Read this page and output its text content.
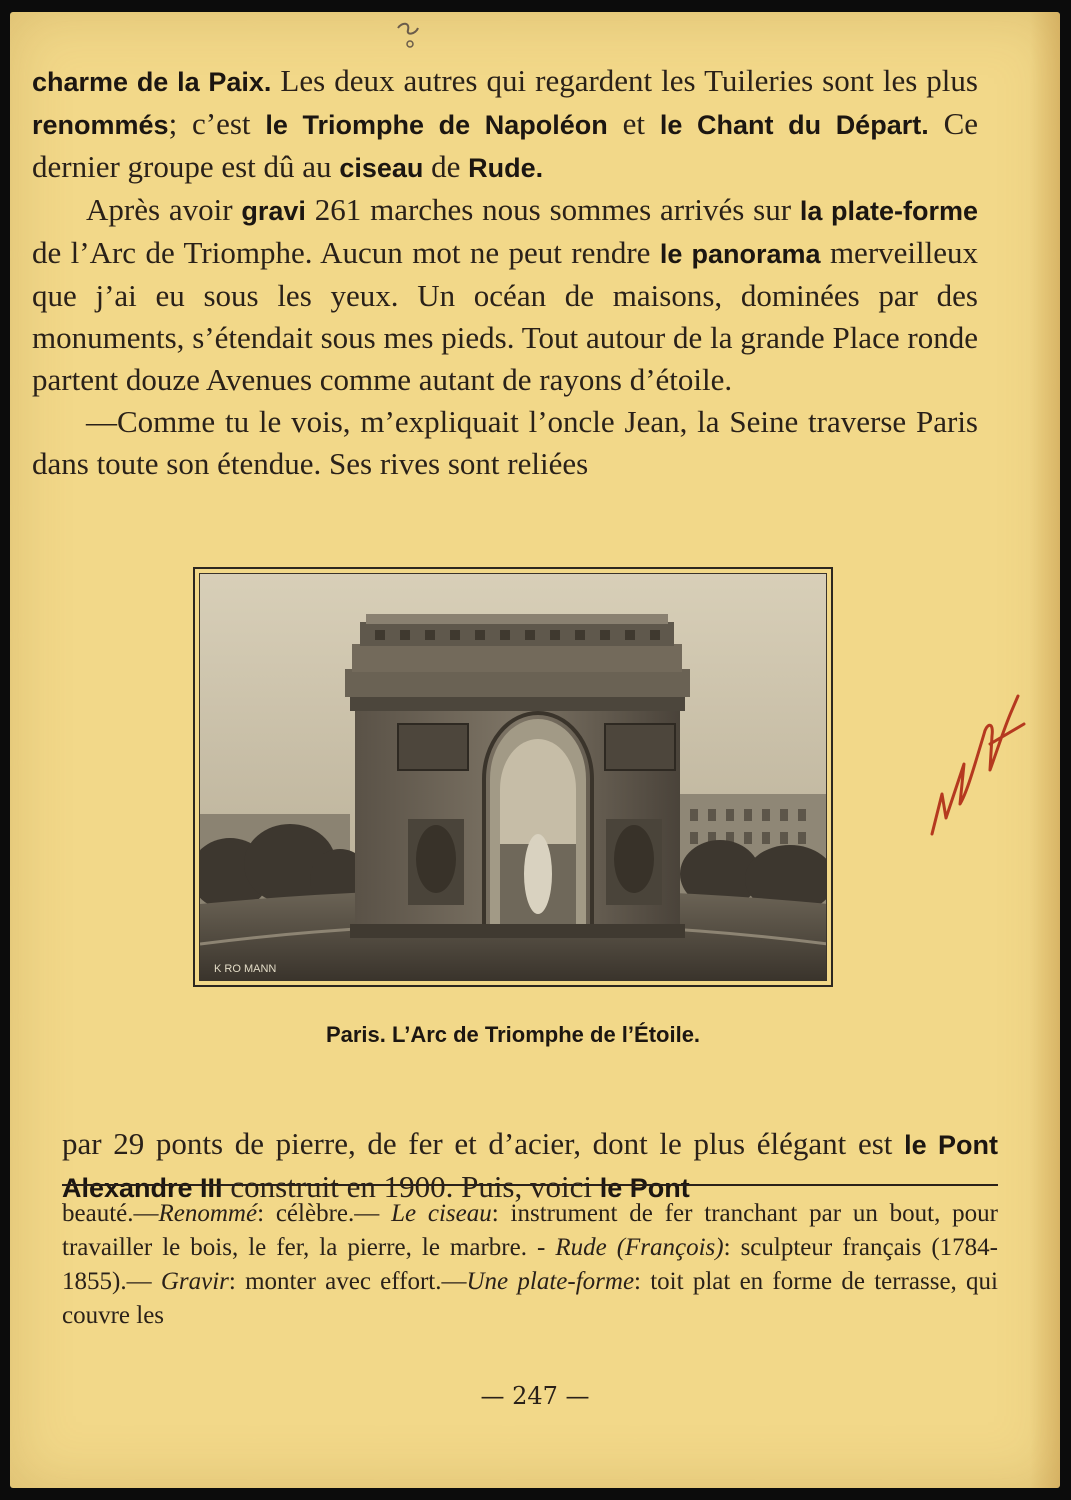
charme de la Paix. Les deux autres qui regardent les Tuileries sont les plus renommés; c’est le Triomphe de Napoléon et le Chant du Départ. Ce dernier groupe est dû au ciseau de Rude.

Après avoir gravi 261 marches nous sommes arrivés sur la plate-forme de l’Arc de Triomphe. Aucun mot ne peut rendre le panorama merveilleux que j’ai eu sous les yeux. Un océan de maisons, dominées par des monuments, s’étendait sous mes pieds. Tout autour de la grande Place ronde partent douze Avenues comme autant de rayons d’étoile.

—Comme tu le vois, m’expliquait l’oncle Jean, la Seine traverse Paris dans toute son étendue. Ses rives sont reliées

K RO MANN

Paris. L’Arc de Triomphe de l’Étoile.

par 29 ponts de pierre, de fer et d’acier, dont le plus élégant est le Pont Alexandre III construit en 1900. Puis, voici le Pont

beauté.—Renommé: célèbre.— Le ciseau: instrument de fer tranchant par un bout, pour travailler le bois, le fer, la pierre, le marbre. - Rude (François): sculpteur français (1784-1855).— Gravir: monter avec effort.—Une plate-forme: toit plat en forme de terrasse, qui couvre les

— 247 —
